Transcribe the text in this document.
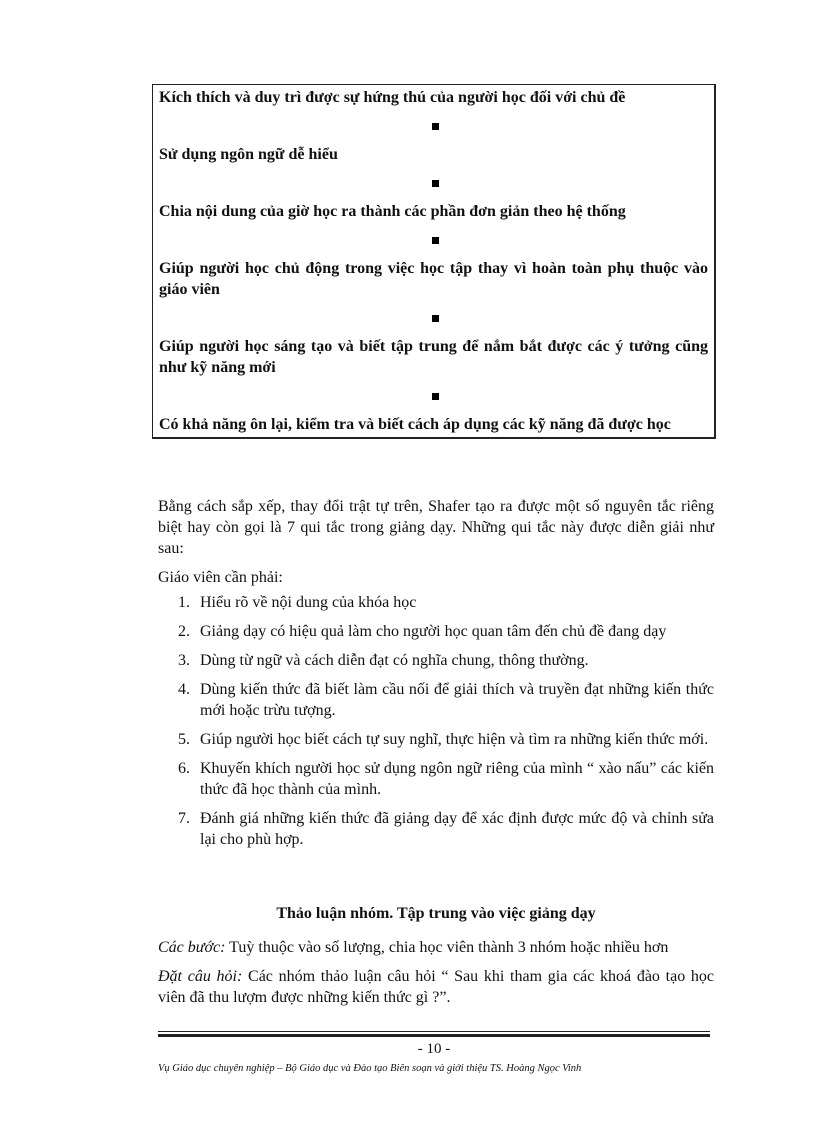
Kích thích và duy trì được sự hứng thú của người học đối với chủ đề
Sử dụng ngôn ngữ dễ hiểu
Chia nội dung của giờ học ra thành các phần đơn giản theo hệ thống
Giúp người học chủ động trong việc học tập thay vì hoàn toàn phụ thuộc vào giáo viên
Giúp người học sáng tạo và biết tập trung để nắm bắt được các ý tưởng cũng như kỹ năng mới
Có khả năng ôn lại, kiểm tra và biết cách áp dụng các kỹ năng đã được học
Bằng cách sắp xếp, thay đổi trật tự trên, Shafer tạo ra được một số nguyên tắc riêng biệt hay còn gọi là 7 qui tắc trong giảng dạy. Những qui tắc này được diễn giải như sau:
Giáo viên cần phải:
1. Hiểu rõ về nội dung của khóa học
2. Giảng dạy có hiệu quả làm cho người học quan tâm đến chủ đề đang dạy
3. Dùng từ ngữ và cách diễn đạt có nghĩa chung, thông thường.
4. Dùng kiến thức đã biết làm cầu nối để giải thích và truyền đạt những kiến thức mới hoặc trừu tượng.
5. Giúp người học biết cách tự suy nghĩ, thực hiện và tìm ra những kiến thức mới.
6. Khuyến khích người học sử dụng ngôn ngữ riêng của mình “ xào nấu” các kiến thức đã học thành của mình.
7. Đánh giá những kiến thức đã giảng dạy để xác định được mức độ và chỉnh sửa lại cho phù hợp.
Thảo luận nhóm. Tập trung vào việc giảng dạy
Các bước: Tuỳ thuộc vào số lượng, chia học viên thành 3 nhóm hoặc nhiều hơn
Đặt câu hỏi: Các nhóm thảo luận câu hỏi “ Sau khi tham gia các khoá đào tạo học viên đã thu lượm được những kiến thức gì ?”.
- 10 -
Vụ Giáo dục chuyên nghiệp – Bộ Giáo dục và Đào tạo Biên soạn và giới thiệu TS. Hoàng Ngọc Vinh
